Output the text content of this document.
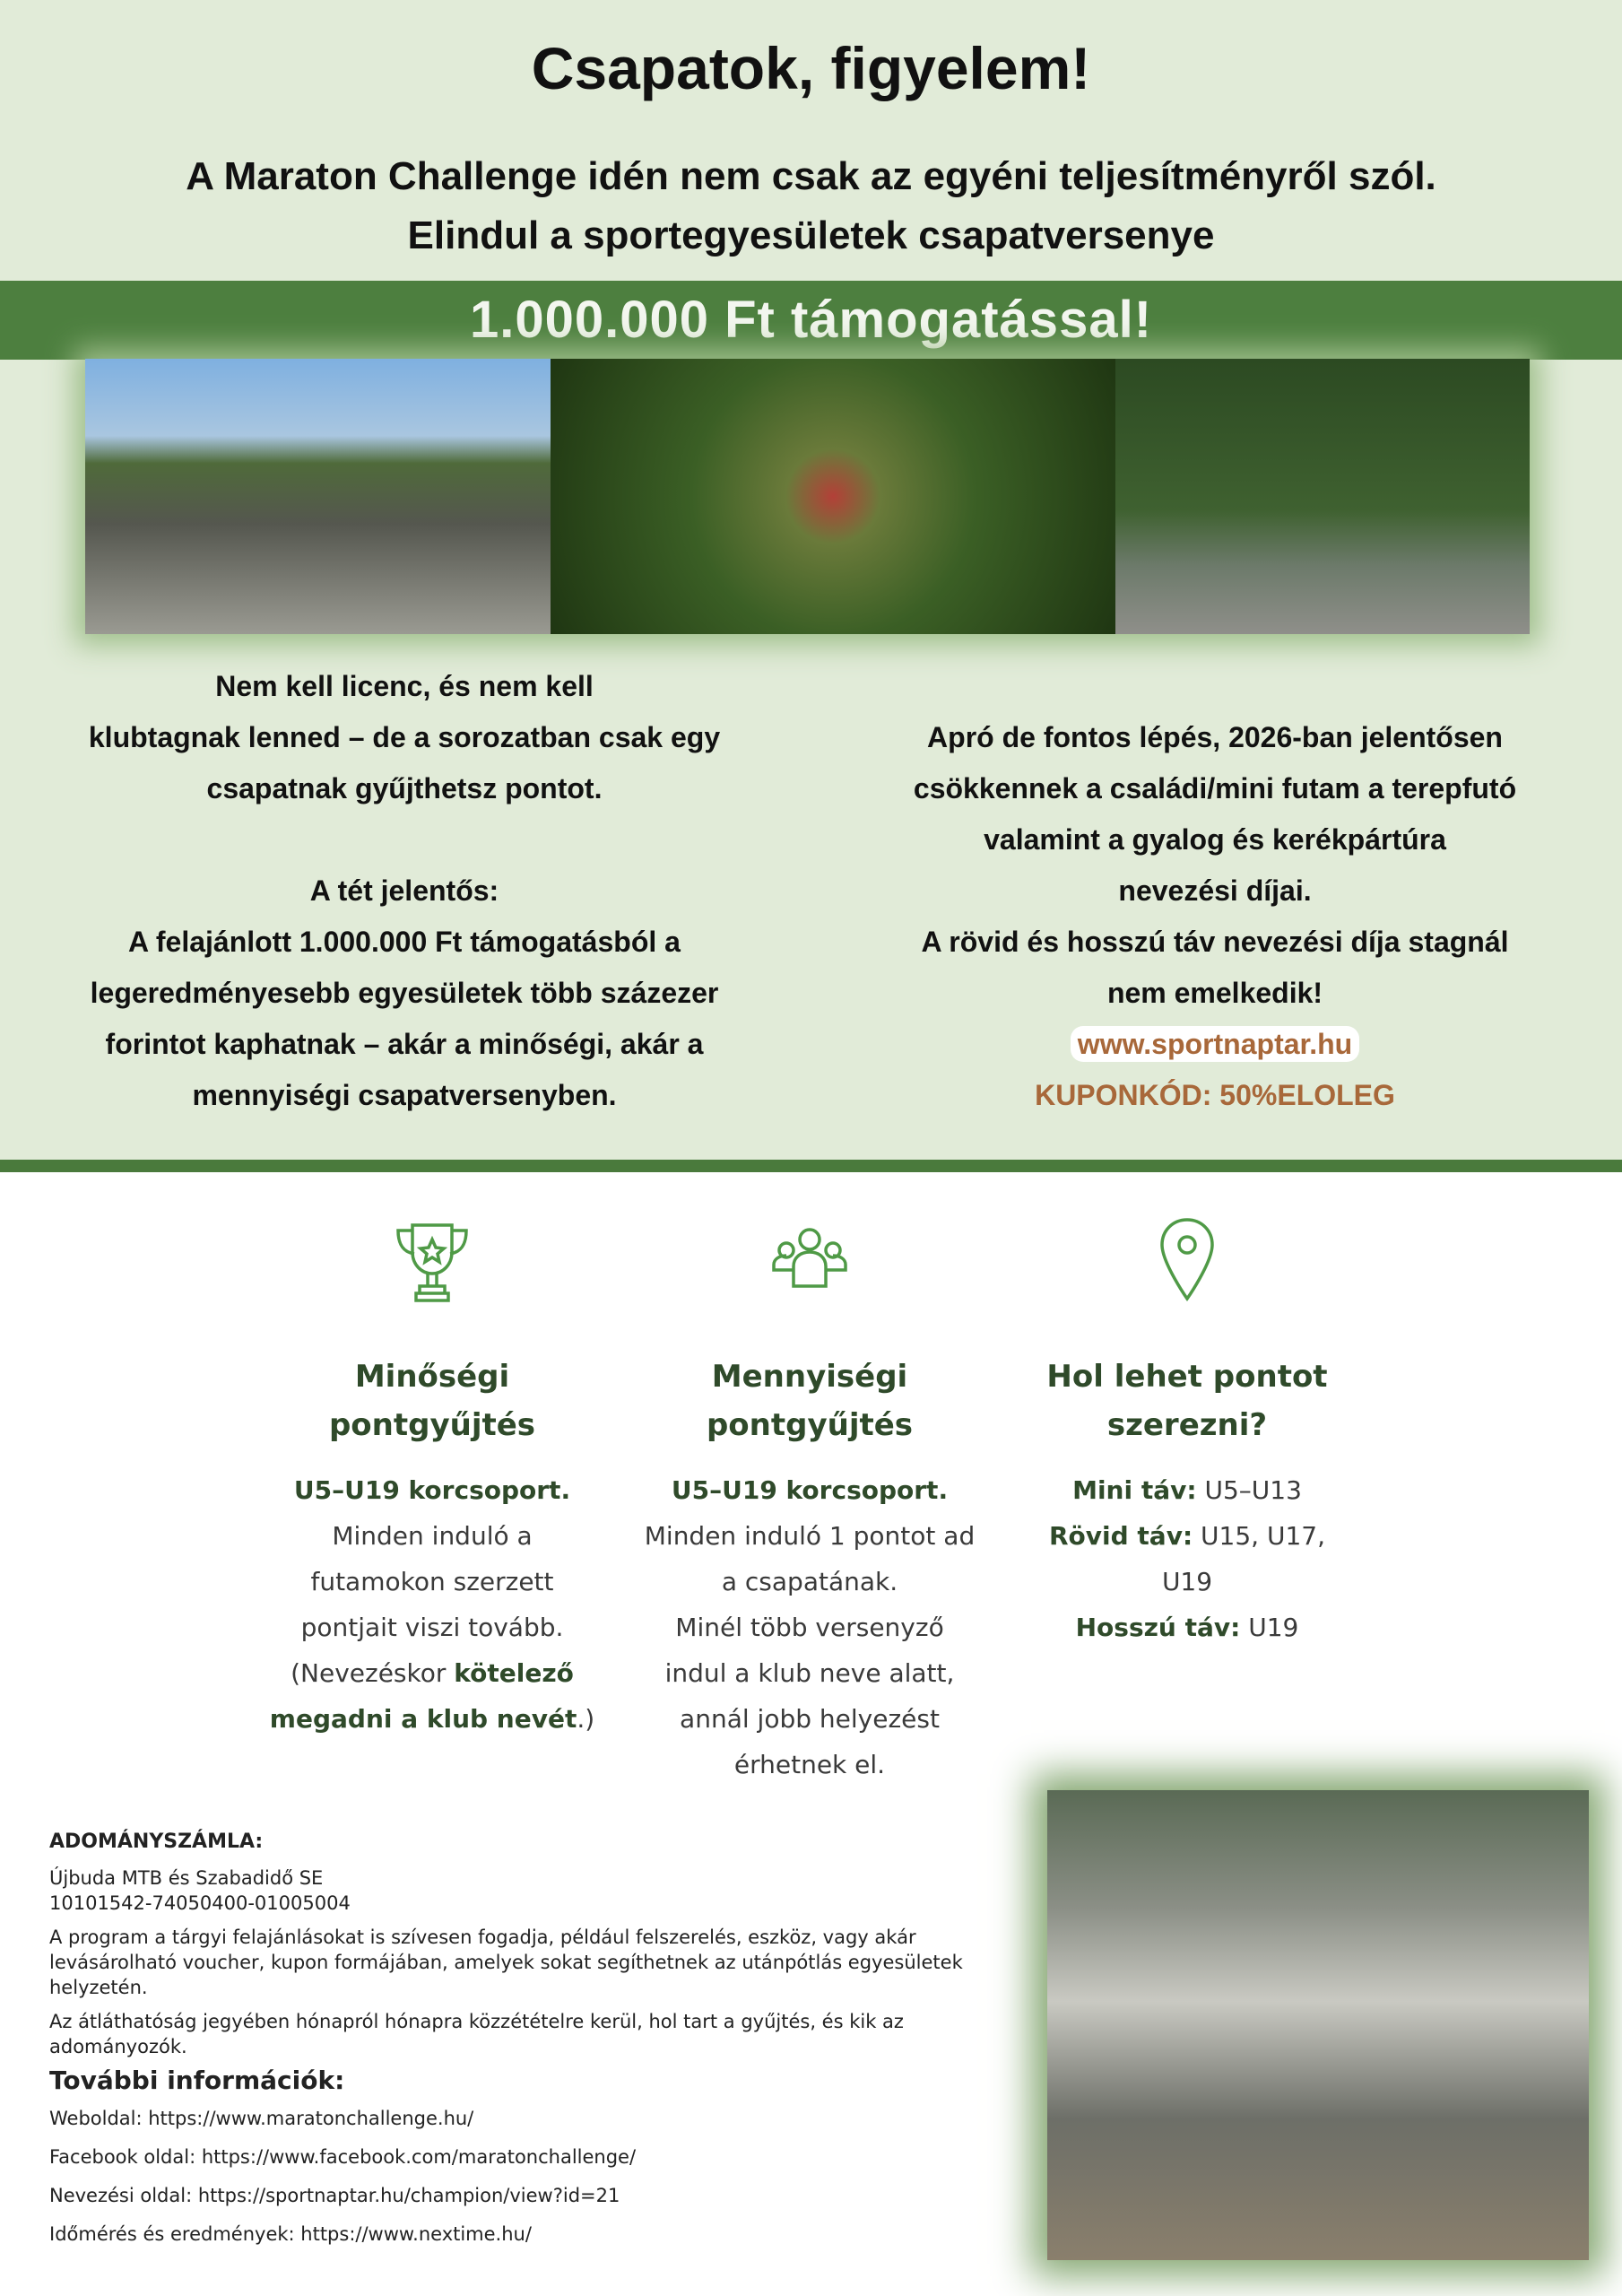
Csapatok, figyelem!
A Maraton Challenge idén nem csak az egyéni teljesítményről szól.
Elindul a sportegyesületek csapatversenye
1.000.000 Ft támogatással!
Nem kell licenc, és nem kell
klubtagnak lenned – de a sorozatban csak egy
csapatnak gyűjthetsz pontot.
A tét jelentős:
A felajánlott 1.000.000 Ft támogatásból a
legeredményesebb egyesületek több százezer
forintot kaphatnak – akár a minőségi, akár a
mennyiségi csapatversenyben.
Apró de fontos lépés, 2026-ban jelentősen
csökkennek a családi/mini futam a terepfutó
valamint a gyalog és kerékpártúra
nevezési díjai.
A rövid és hosszú táv nevezési díja stagnál
nem emelkedik!
www.sportnaptar.hu
KUPONKÓD: 50%ELOLEG
Minőségi
pontgyűjtés

U5–U19 korcsoport.
Minden induló a
futamokon szerzett
pontjait viszi tovább.
(Nevezéskor kötelező
megadni a klub nevét.)

Mennyiségi
pontgyűjtés

U5–U19 korcsoport.
Minden induló 1 pontot ad
a csapatának.
Minél több versenyző
indul a klub neve alatt,
annál jobb helyezést
érhetnek el.

Hol lehet pontot
szerezni?

Mini táv: U5–U13
Rövid táv: U15, U17,
U19
Hosszú táv: U19

ADOMÁNYSZÁMLA:

Újbuda MTB és Szabadidő SE
10101542-74050400-01005004

A program a tárgyi felajánlásokat is szívesen fogadja, például felszerelés, eszköz, vagy akár levásárolható voucher, kupon formájában, amelyek sokat segíthetnek az utánpótlás egyesületek helyzetén.

Az átláthatóság jegyében hónapról hónapra közzétételre kerül, hol tart a gyűjtés, és kik az adományozók.

További információk:
Weboldal: https://www.maratonchallenge.hu/
Facebook oldal: https://www.facebook.com/maratonchallenge/
Nevezési oldal: https://sportnaptar.hu/champion/view?id=21
Időmérés és eredmények: https://www.nextime.hu/
